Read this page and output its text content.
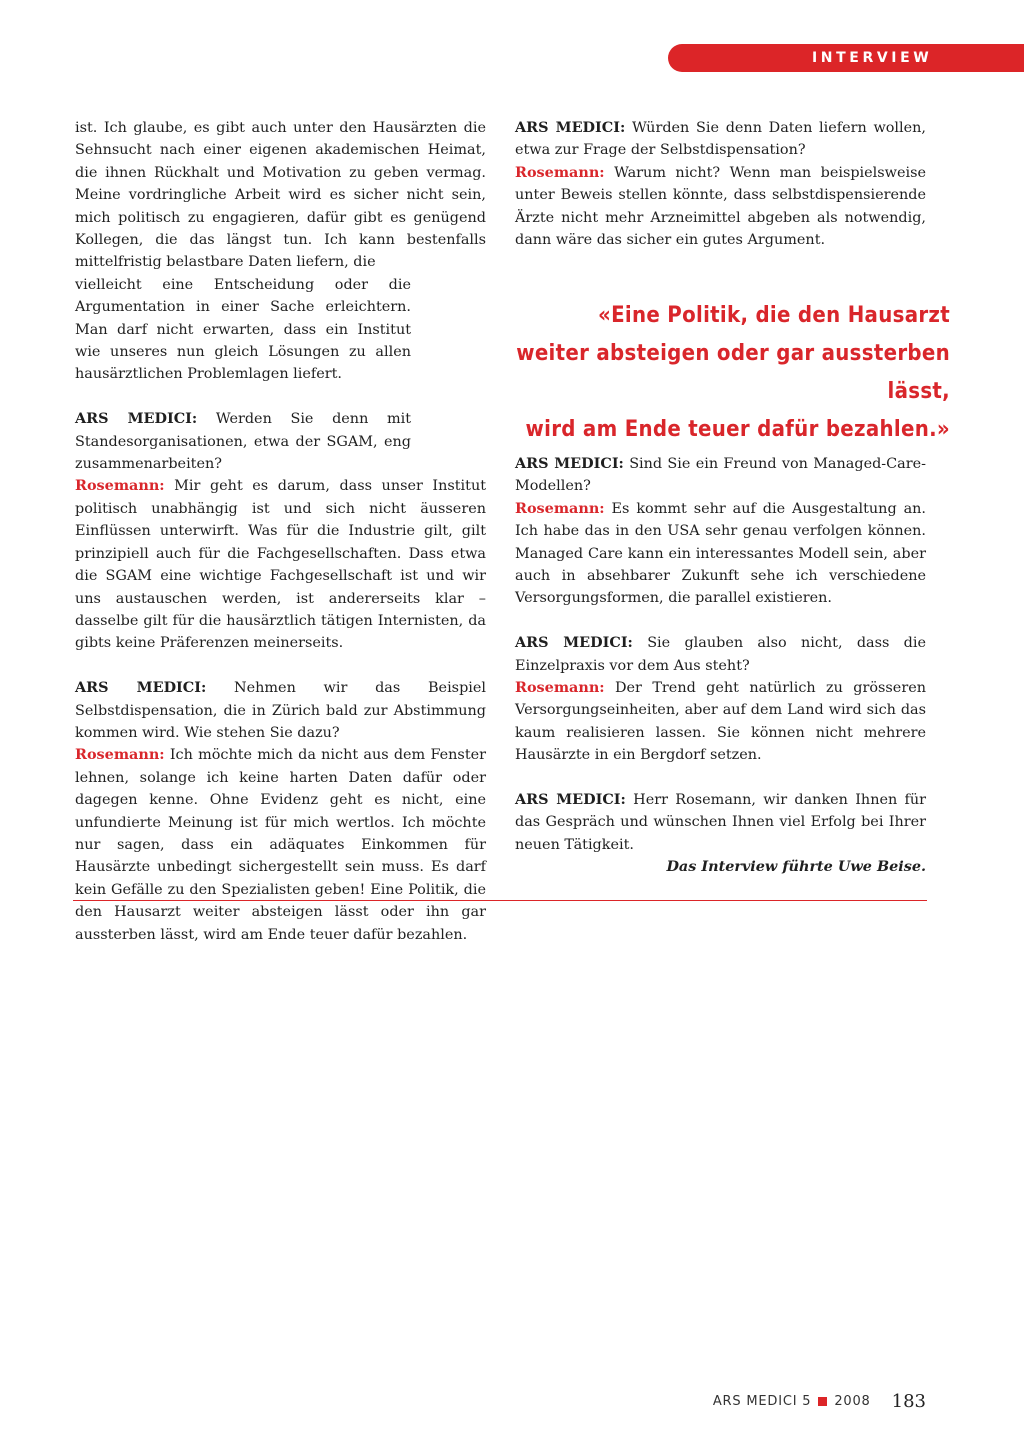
INTERVIEW

ist. Ich glaube, es gibt auch unter den Hausärzten die Sehnsucht nach einer eigenen akademischen Heimat, die ihnen Rückhalt und Motivation zu geben vermag. Meine vordringliche Arbeit wird es sicher nicht sein, mich politisch zu engagieren, dafür gibt es genügend Kollegen, die das längst tun. Ich kann bestenfalls mittelfristig belastbare Daten liefern, die

vielleicht eine Entscheidung oder die Argumentation in einer Sache erleichtern. Man darf nicht erwarten, dass ein Institut wie unseres nun gleich Lösungen zu allen hausärztlichen Problemlagen liefert.

ARS MEDICI: Werden Sie denn mit Standesorganisationen, etwa der SGAM, eng zusammenarbeiten?

Rosemann: Mir geht es darum, dass unser Institut politisch unabhängig ist und sich nicht äusseren Einflüssen unterwirft. Was für die Industrie gilt, gilt prinzipiell auch für die Fachgesellschaften. Dass etwa die SGAM eine wichtige Fachgesellschaft ist und wir uns austauschen werden, ist andererseits klar – dasselbe gilt für die hausärztlich tätigen Internisten, da gibts keine Präferenzen meinerseits.

ARS MEDICI: Nehmen wir das Beispiel Selbstdispensation, die in Zürich bald zur Abstimmung kommen wird. Wie stehen Sie dazu?

Rosemann: Ich möchte mich da nicht aus dem Fenster lehnen, solange ich keine harten Daten dafür oder dagegen kenne. Ohne Evidenz geht es nicht, eine unfundierte Meinung ist für mich wertlos. Ich möchte nur sagen, dass ein adäquates Einkommen für Hausärzte unbedingt sichergestellt sein muss. Es darf kein Gefälle zu den Spezialisten geben! Eine Politik, die den Hausarzt weiter absteigen lässt oder ihn gar aussterben lässt, wird am Ende teuer dafür bezahlen.

ARS MEDICI: Würden Sie denn Daten liefern wollen, etwa zur Frage der Selbstdispensation?

Rosemann: Warum nicht? Wenn man beispielsweise unter Beweis stellen könnte, dass selbstdispensierende Ärzte nicht mehr Arzneimittel abgeben als notwendig, dann wäre das sicher ein gutes Argument.

«Eine Politik, die den Hausarzt
weiter absteigen oder gar aussterben lässt,
wird am Ende teuer dafür bezahlen.»

ARS MEDICI: Sind Sie ein Freund von Managed-Care-Modellen?

Rosemann: Es kommt sehr auf die Ausgestaltung an. Ich habe das in den USA sehr genau verfolgen können. Managed Care kann ein interessantes Modell sein, aber auch in absehbarer Zukunft sehe ich verschiedene Versorgungsformen, die parallel existieren.

ARS MEDICI: Sie glauben also nicht, dass die Einzelpraxis vor dem Aus steht?

Rosemann: Der Trend geht natürlich zu grösseren Versorgungseinheiten, aber auf dem Land wird sich das kaum realisieren lassen. Sie können nicht mehrere Hausärzte in ein Bergdorf setzen.

ARS MEDICI: Herr Rosemann, wir danken Ihnen für das Gespräch und wünschen Ihnen viel Erfolg bei Ihrer neuen Tätigkeit.

Das Interview führte Uwe Beise.

ARS MEDICI 5 2008 183
